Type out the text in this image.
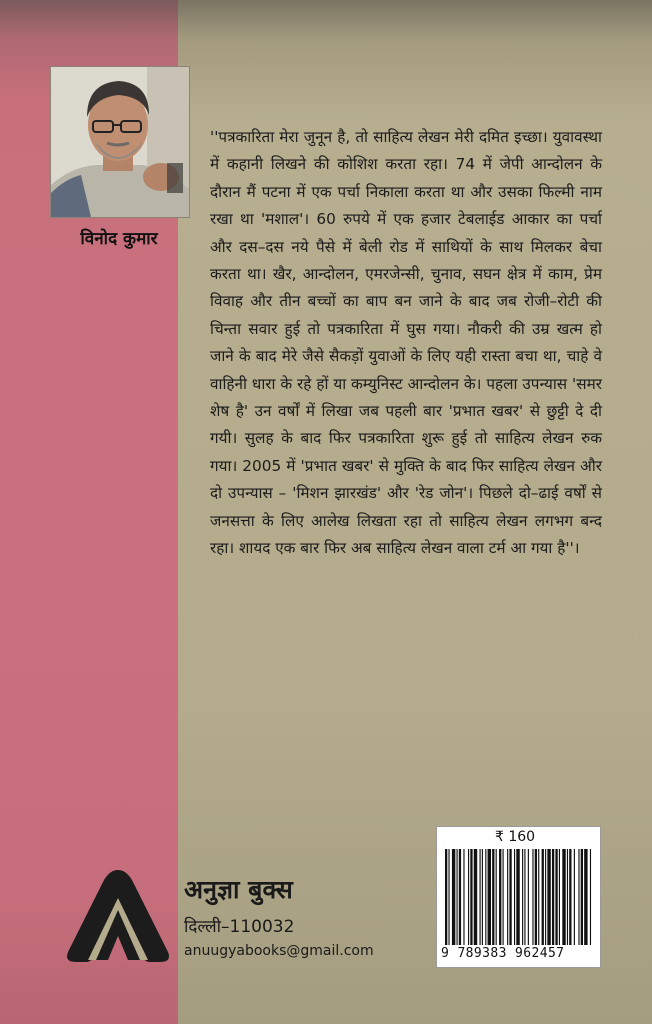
विनोद कुमार
''पत्रकारिता मेरा जुनून है, तो साहित्य लेखन मेरी दमित इच्छा। युवावस्था में कहानी लिखने की कोशिश करता रहा। 74 में जेपी आन्दोलन के दौरान मैं पटना में एक पर्चा निकाला करता था और उसका फिल्मी नाम रखा था 'मशाल'। 60 रुपये में एक हजार टेबलाईड आकार का पर्चा और दस–दस नये पैसे में बेली रोड में साथियों के साथ मिलकर बेचा करता था। खैर, आन्दोलन, एमरजेन्सी, चुनाव, सघन क्षेत्र में काम, प्रेम विवाह और तीन बच्चों का बाप बन जाने के बाद जब रोजी–रोटी की चिन्ता सवार हुई तो पत्रकारिता में घुस गया। नौकरी की उम्र खत्म हो जाने के बाद मेरे जैसे सैकड़ों युवाओं के लिए यही रास्ता बचा था, चाहे वे वाहिनी धारा के रहे हों या कम्युनिस्ट आन्दोलन के। पहला उपन्यास 'समर शेष है' उन वर्षों में लिखा जब पहली बार 'प्रभात खबर' से छुट्टी दे दी गयी। सुलह के बाद फिर पत्रकारिता शुरू हुई तो साहित्य लेखन रुक गया। 2005 में 'प्रभात खबर' से मुक्ति के बाद फिर साहित्य लेखन और दो उपन्यास – 'मिशन झारखंड' और 'रेड जोन'। पिछले दो–ढाई वर्षों से जनसत्ता के लिए आलेख लिखता रहा तो साहित्य लेखन लगभग बन्द रहा। शायद एक बार फिर अब साहित्य लेखन वाला टर्म आ गया है''।
अनुज्ञा बुक्स
दिल्ली–110032
anuugyabooks@gmail.com
₹ 160
9 789383 962457
